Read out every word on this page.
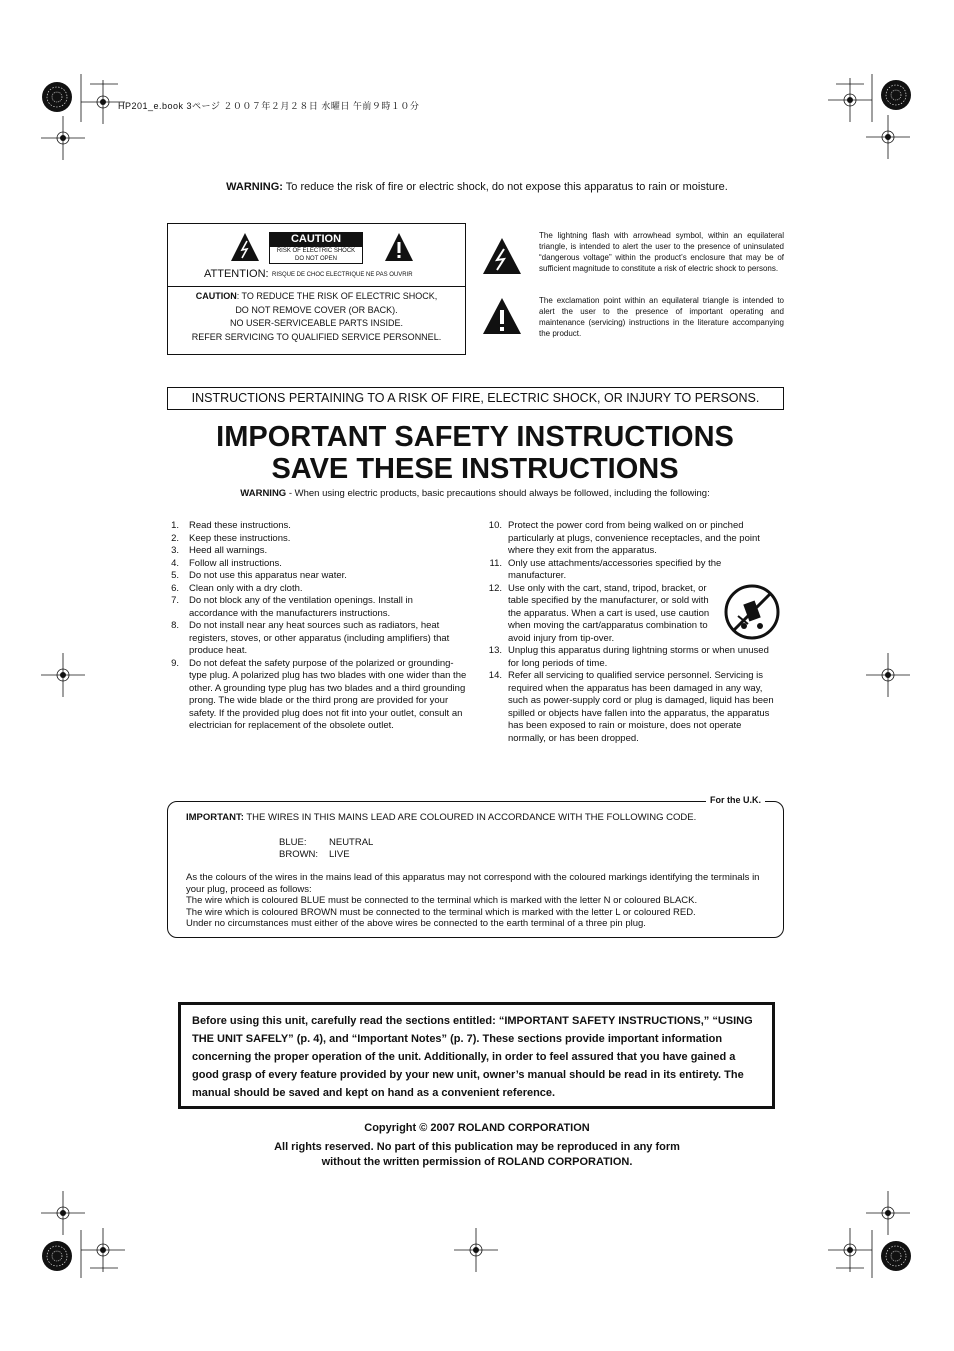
HP201_e.book 3ページ ２００７年２月２８日 水曜日 午前９時１０分
WARNING: To reduce the risk of fire or electric shock, do not expose this apparatus to rain or moisture.
CAUTION
RISK OF ELECTRIC SHOCK
DO NOT OPEN
ATTENTION: RISQUE DE CHOC ELECTRIQUE NE PAS OUVRIR
CAUTION: TO REDUCE THE RISK OF ELECTRIC SHOCK,
DO NOT REMOVE COVER (OR BACK).
NO USER-SERVICEABLE PARTS INSIDE.
REFER SERVICING TO QUALIFIED SERVICE PERSONNEL.
The lightning flash with arrowhead symbol, within an equilateral triangle, is intended to alert the user to the presence of uninsulated “dangerous voltage” within the product’s enclosure that may be of sufficient magnitude to constitute a risk of electric shock to persons.
The exclamation point within an equilateral triangle is intended to alert the user to the presence of important operating and maintenance (servicing) instructions in the literature accompanying the product.
INSTRUCTIONS PERTAINING TO A RISK OF FIRE, ELECTRIC SHOCK, OR INJURY TO PERSONS.
IMPORTANT SAFETY INSTRUCTIONS
SAVE THESE INSTRUCTIONS
WARNING - When using electric products, basic precautions should always be followed, including the following:
1. Read these instructions.
2. Keep these instructions.
3. Heed all warnings.
4. Follow all instructions.
5. Do not use this apparatus near water.
6. Clean only with a dry cloth.
7. Do not block any of the ventilation openings. Install in accordance with the manufacturers instructions.
8. Do not install near any heat sources such as radiators, heat registers, stoves, or other apparatus (including amplifiers) that produce heat.
9. Do not defeat the safety purpose of the polarized or grounding-type plug. A polarized plug has two blades with one wider than the other. A grounding type plug has two blades and a third grounding prong. The wide blade or the third prong are provided for your safety. If the provided plug does not fit into your outlet, consult an electrician for replacement of the obsolete outlet.
10. Protect the power cord from being walked on or pinched particularly at plugs, convenience receptacles, and the point where they exit from the apparatus.
11. Only use attachments/accessories specified by the manufacturer.
12. Use only with the cart, stand, tripod, bracket, or table specified by the manufacturer, or sold with the apparatus. When a cart is used, use caution when moving the cart/apparatus combination to avoid injury from tip-over.
13. Unplug this apparatus during lightning storms or when unused for long periods of time.
14. Refer all servicing to qualified service personnel. Servicing is required when the apparatus has been damaged in any way, such as power-supply cord or plug is damaged, liquid has been spilled or objects have fallen into the apparatus, the apparatus has been exposed to rain or moisture, does not operate normally, or has been dropped.
For the U.K.
IMPORTANT: THE WIRES IN THIS MAINS LEAD ARE COLOURED IN ACCORDANCE WITH THE FOLLOWING CODE.
BLUE: NEUTRAL
BROWN: LIVE
As the colours of the wires in the mains lead of this apparatus may not correspond with the coloured markings identifying the terminals in your plug, proceed as follows:
The wire which is coloured BLUE must be connected to the terminal which is marked with the letter N or coloured BLACK.
The wire which is coloured BROWN must be connected to the terminal which is marked with the letter L or coloured RED.
Under no circumstances must either of the above wires be connected to the earth terminal of a three pin plug.
Before using this unit, carefully read the sections entitled: “IMPORTANT SAFETY INSTRUCTIONS,” “USING THE UNIT SAFELY” (p. 4), and “Important Notes” (p. 7). These sections provide important information concerning the proper operation of the unit. Additionally, in order to feel assured that you have gained a good grasp of every feature provided by your new unit, owner’s manual should be read in its entirety. The manual should be saved and kept on hand as a convenient reference.
Copyright © 2007 ROLAND CORPORATION
All rights reserved. No part of this publication may be reproduced in any form
without the written permission of ROLAND CORPORATION.
